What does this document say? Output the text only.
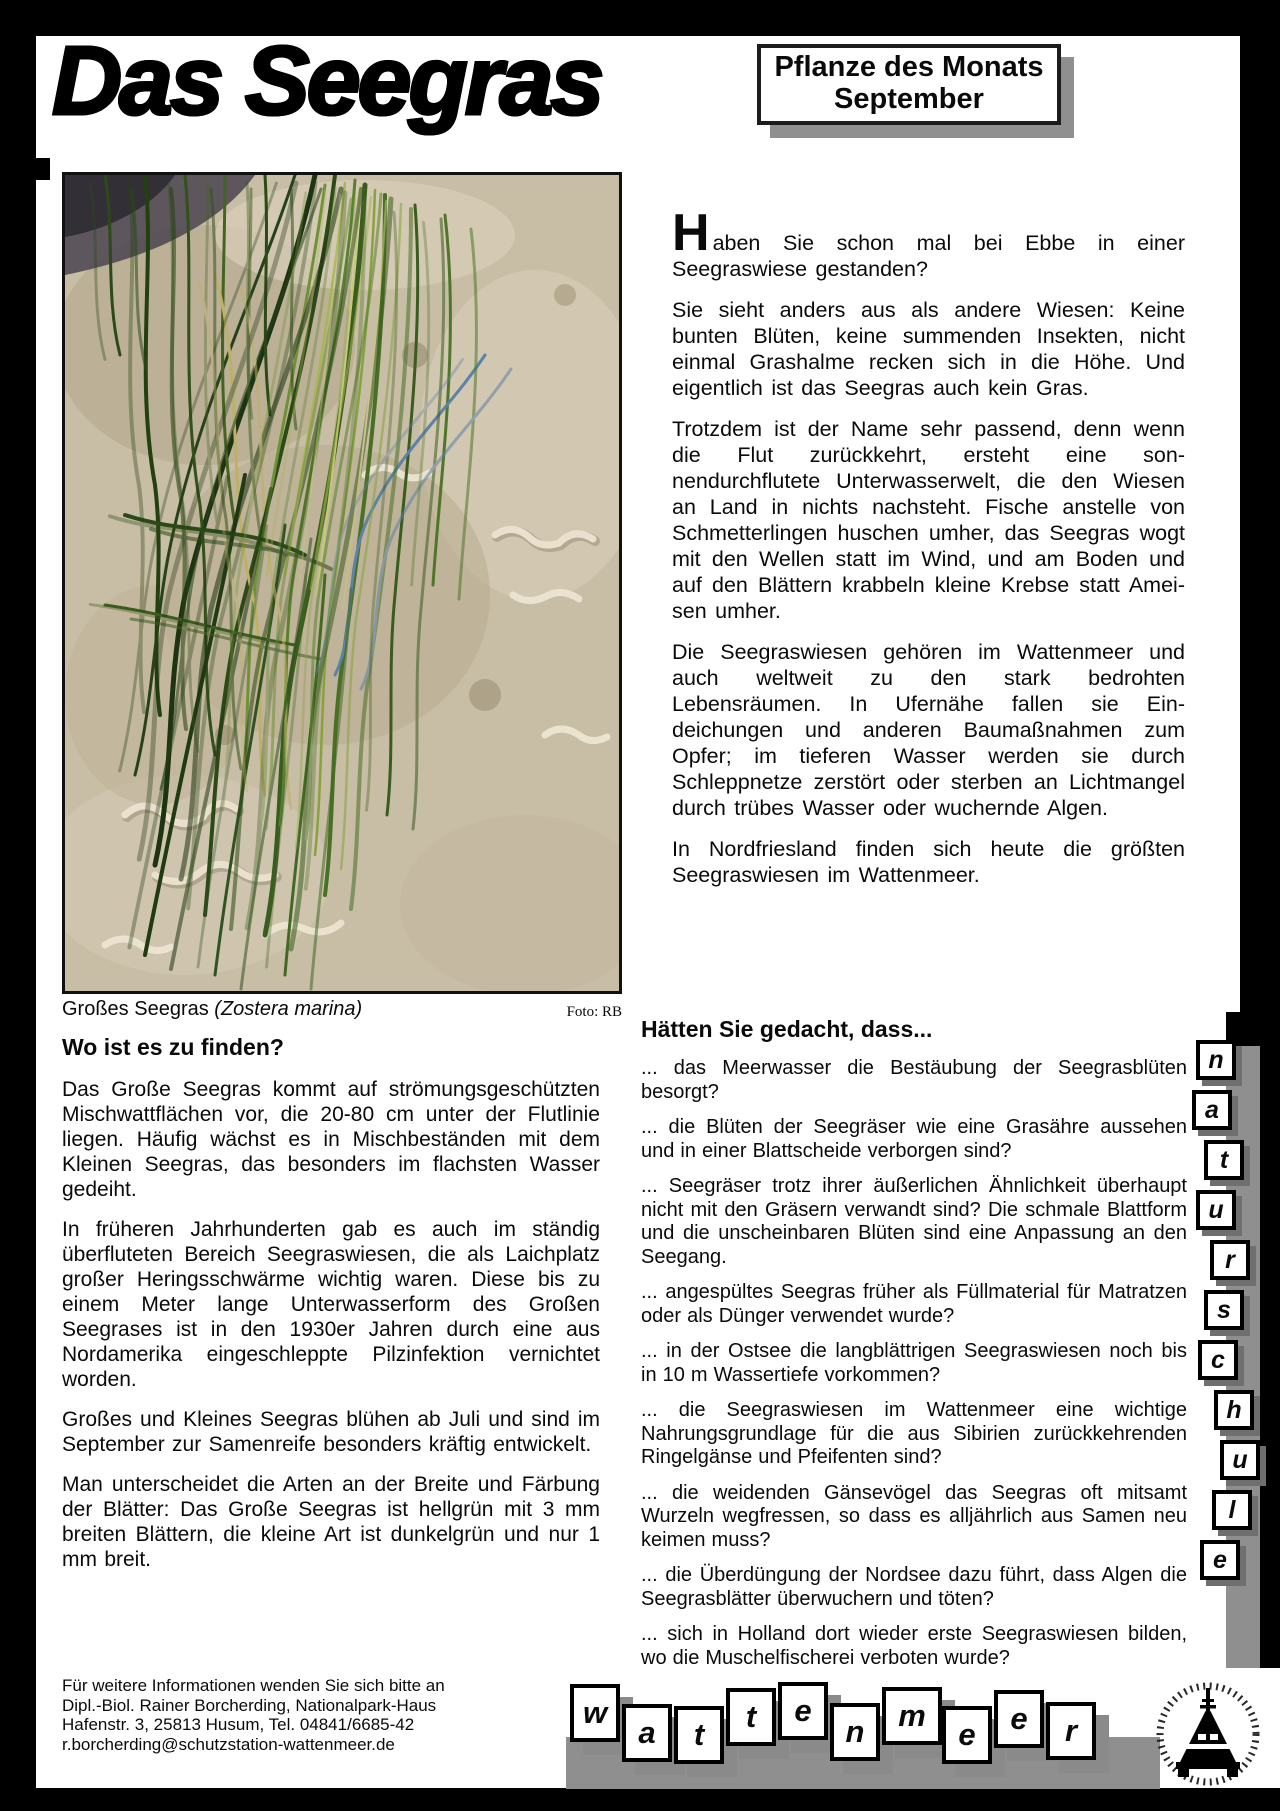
Das Seegras	Pflanze des Monats
September
Großes Seegras (Zostera marina)	Foto: RB
Wo ist es zu finden?

Das Große Seegras kommt auf strömungsgeschützten Mischwattflächen vor, die 20-80 cm unter der Flutlinie liegen. Häufig wächst es in Mischbeständen mit dem Kleinen Seegras, das besonders im flachsten Wasser gedeiht.

In früheren Jahrhunderten gab es auch im ständig überfluteten Bereich Seegraswiesen, die als Laichplatz großer Heringsschwärme wichtig waren. Diese bis zu einem Meter lange Unterwasserform des Großen Seegrases ist in den 1930er Jahren durch eine aus Nordamerika eingeschleppte Pilzinfektion vernichtet worden.

Großes und Kleines Seegras blühen ab Juli und sind im September zur Samenreife besonders kräftig entwickelt.

Man unterscheidet die Arten an der Breite und Färbung der Blätter: Das Große Seegras ist hellgrün mit 3 mm breiten Blättern, die kleine Art ist dunkelgrün und nur 1 mm breit.

Für weitere Informationen wenden Sie sich bitte an
Dipl.-Biol. Rainer Borcherding, Nationalpark-Haus
Hafenstr. 3, 25813 Husum, Tel. 04841/6685-42
r.borcherding@schutzstation-wattenmeer.de

Haben Sie schon mal bei Ebbe in einer Seegraswiese gestanden?

Sie sieht anders aus als andere Wiesen: Keine bunten Blüten, keine summenden Insekten, nicht einmal Grashalme recken sich in die Höhe. Und eigentlich ist das Seegras auch kein Gras.

Trotzdem ist der Name sehr passend, denn wenn die Flut zurückkehrt, ersteht eine sonnendurchflutete Unterwasserwelt, die den Wiesen an Land in nichts nachsteht. Fische anstelle von Schmetterlingen huschen umher, das Seegras wogt mit den Wellen statt im Wind, und am Boden und auf den Blättern krabbeln kleine Krebse statt Ameisen umher.

Die Seegraswiesen gehören im Wattenmeer und auch weltweit zu den stark bedrohten Lebensräumen. In Ufernähe fallen sie Eindeichungen und anderen Baumaßnahmen zum Opfer; im tieferen Wasser werden sie durch Schleppnetze zerstört oder sterben an Lichtmangel durch trübes Wasser oder wuchernde Algen.

In Nordfriesland finden sich heute die größten Seegraswiesen im Wattenmeer.

Hätten Sie gedacht, dass...

... das Meerwasser die Bestäubung der Seegrasblüten besorgt?

... die Blüten der Seegräser wie eine Grasähre aussehen und in einer Blattscheide verborgen sind?

... Seegräser trotz ihrer äußerlichen Ähnlichkeit überhaupt nicht mit den Gräsern verwandt sind? Die schmale Blattform und die unscheinbaren Blüten sind eine Anpassung an den Seegang.

... angespültes Seegras früher als Füllmaterial für Matratzen oder als Dünger verwendet wurde?

... in der Ostsee die langblättrigen Seegraswiesen noch bis in 10 m Wassertiefe vorkommen?

... die Seegraswiesen im Wattenmeer eine wichtige Nahrungsgrundlage für die aus Sibirien zurückkehrenden Ringelgänse und Pfeifenten sind?

... die weidenden Gänsevögel das Seegras oft mitsamt Wurzeln wegfressen, so dass es alljährlich aus Samen neu keimen muss?

... die Überdüngung der Nordsee dazu führt, dass Algen die Seegrasblätter überwuchern und töten?

... sich in Holland dort wieder erste Seegraswiesen bilden, wo die Muschelfischerei verboten wurde?

n
a
t
u
r
s
c
h
u
l
e
w
a	t
t	e
n	m
e	e	r
